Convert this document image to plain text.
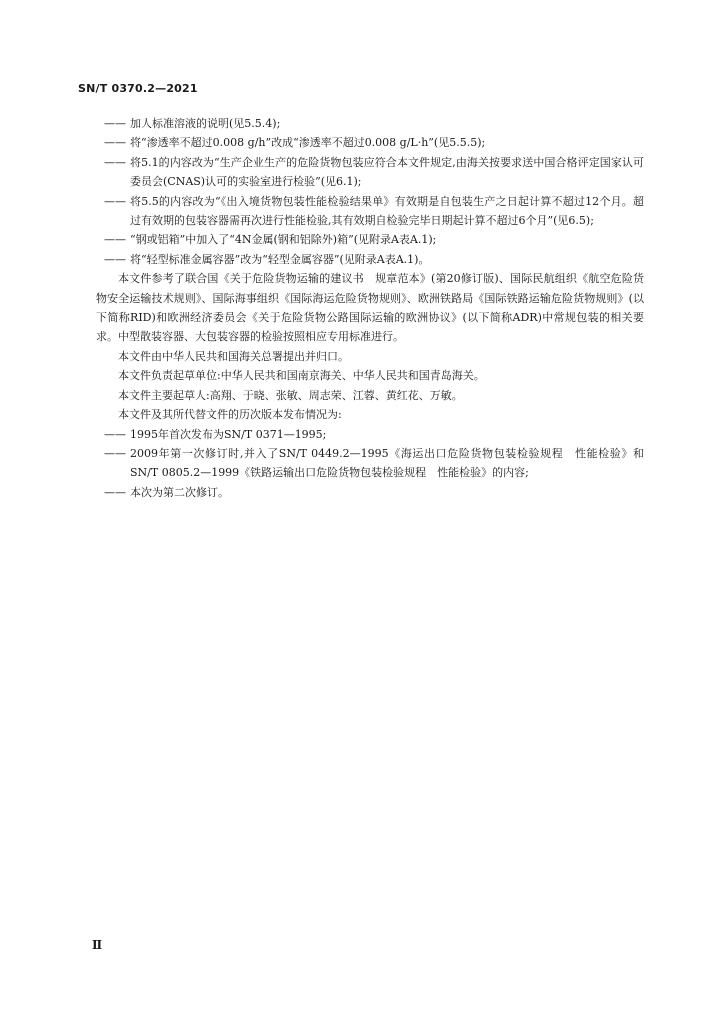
SN/T 0370.2—2021
—— 加人标准溶液的说明(见5.5.4);
—— 将“渗透率不超过0.008 g/h”改成“渗透率不超过0.008 g/L·h”(见5.5.5);
—— 将5.1的内容改为“生产企业生产的危险货物包装应符合本文件规定,由海关按要求送中国合格评定国家认可委员会(CNAS)认可的实验室进行检验”(见6.1);
—— 将5.5的内容改为“《出入境货物包装性能检验结果单》有效期是自包装生产之日起计算不超过12个月。超过有效期的包装容器需再次进行性能检验,其有效期自检验完毕日期起计算不超过6个月”(见6.5);
—— “钢或铝箱”中加入了“4N金属(钢和铝除外)箱”(见附录A表A.1);
—— 将“轻型标准金属容器”改为“轻型金属容器”(见附录A表A.1)。
本文件参考了联合国《关于危险货物运输的建议书　规章范本》(第20修订版)、国际民航组织《航空危险货物安全运输技术规则》、国际海事组织《国际海运危险货物规则》、欧洲铁路局《国际铁路运输危险货物规则》(以下简称RID)和欧洲经济委员会《关于危险货物公路国际运输的欧洲协议》(以下简称ADR)中常规包装的相关要求。中型散装容器、大包装容器的检验按照相应专用标准进行。
本文件由中华人民共和国海关总署提出并归口。
本文件负责起草单位:中华人民共和国南京海关、中华人民共和国青岛海关。
本文件主要起草人:高翔、于晓、张敏、周志荣、江蓉、黄红花、万敏。
本文件及其所代替文件的历次版本发布情况为:
—— 1995年首次发布为SN/T 0371—1995;
—— 2009年第一次修订时,并入了SN/T 0449.2—1995《海运出口危险货物包装检验规程　性能检验》和SN/T 0805.2—1999《铁路运输出口危险货物包装检验规程　性能检验》的内容;
—— 本次为第二次修订。
Ⅱ
